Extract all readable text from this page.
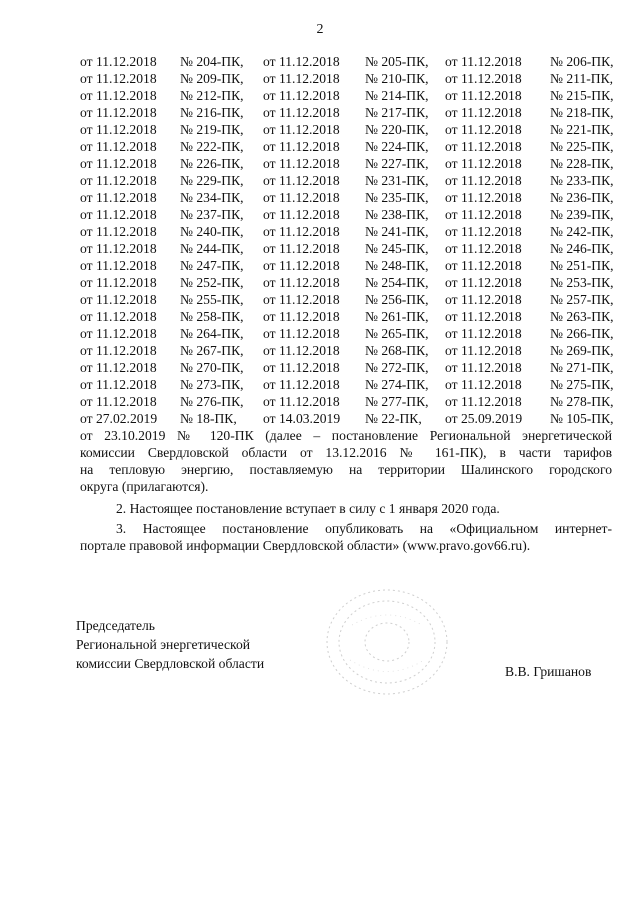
2
от 11.12.2018 № 204-ПК, от 11.12.2018 № 205-ПК, от 11.12.2018 № 206-ПК,
от 11.12.2018 № 209-ПК, от 11.12.2018 № 210-ПК, от 11.12.2018 № 211-ПК,
от 11.12.2018 № 212-ПК, от 11.12.2018 № 214-ПК, от 11.12.2018 № 215-ПК,
от 11.12.2018 № 216-ПК, от 11.12.2018 № 217-ПК, от 11.12.2018 № 218-ПК,
от 11.12.2018 № 219-ПК, от 11.12.2018 № 220-ПК, от 11.12.2018 № 221-ПК,
от 11.12.2018 № 222-ПК, от 11.12.2018 № 224-ПК, от 11.12.2018 № 225-ПК,
от 11.12.2018 № 226-ПК, от 11.12.2018 № 227-ПК, от 11.12.2018 № 228-ПК,
от 11.12.2018 № 229-ПК, от 11.12.2018 № 231-ПК, от 11.12.2018 № 233-ПК,
от 11.12.2018 № 234-ПК, от 11.12.2018 № 235-ПК, от 11.12.2018 № 236-ПК,
от 11.12.2018 № 237-ПК, от 11.12.2018 № 238-ПК, от 11.12.2018 № 239-ПК,
от 11.12.2018 № 240-ПК, от 11.12.2018 № 241-ПК, от 11.12.2018 № 242-ПК,
от 11.12.2018 № 244-ПК, от 11.12.2018 № 245-ПК, от 11.12.2018 № 246-ПК,
от 11.12.2018 № 247-ПК, от 11.12.2018 № 248-ПК, от 11.12.2018 № 251-ПК,
от 11.12.2018 № 252-ПК, от 11.12.2018 № 254-ПК, от 11.12.2018 № 253-ПК,
от 11.12.2018 № 255-ПК, от 11.12.2018 № 256-ПК, от 11.12.2018 № 257-ПК,
от 11.12.2018 № 258-ПК, от 11.12.2018 № 261-ПК, от 11.12.2018 № 263-ПК,
от 11.12.2018 № 264-ПК, от 11.12.2018 № 265-ПК, от 11.12.2018 № 266-ПК,
от 11.12.2018 № 267-ПК, от 11.12.2018 № 268-ПК, от 11.12.2018 № 269-ПК,
от 11.12.2018 № 270-ПК, от 11.12.2018 № 272-ПК, от 11.12.2018 № 271-ПК,
от 11.12.2018 № 273-ПК, от 11.12.2018 № 274-ПК, от 11.12.2018 № 275-ПК,
от 11.12.2018 № 276-ПК, от 11.12.2018 № 277-ПК, от 11.12.2018 № 278-ПК,
от 27.02.2019 № 18-ПК, от 14.03.2019 № 22-ПК, от 25.09.2019 № 105-ПК,

от 23.10.2019 № 120-ПК (далее – постановление Региональной энергетической

комиссии Свердловской области от 13.12.2016 № 161-ПК), в части тарифов

на тепловую энергию, поставляемую на территории Шалинского городского

округа (прилагаются).

2. Настоящее постановление вступает в силу с 1 января 2020 года.

3. Настоящее постановление опубликовать на «Официальном интернет-

портале правовой информации Свердловской области» (www.pravo.gov66.ru).

Председатель
Региональной энергетической
комиссии Свердловской области
В.В. Гришанов
